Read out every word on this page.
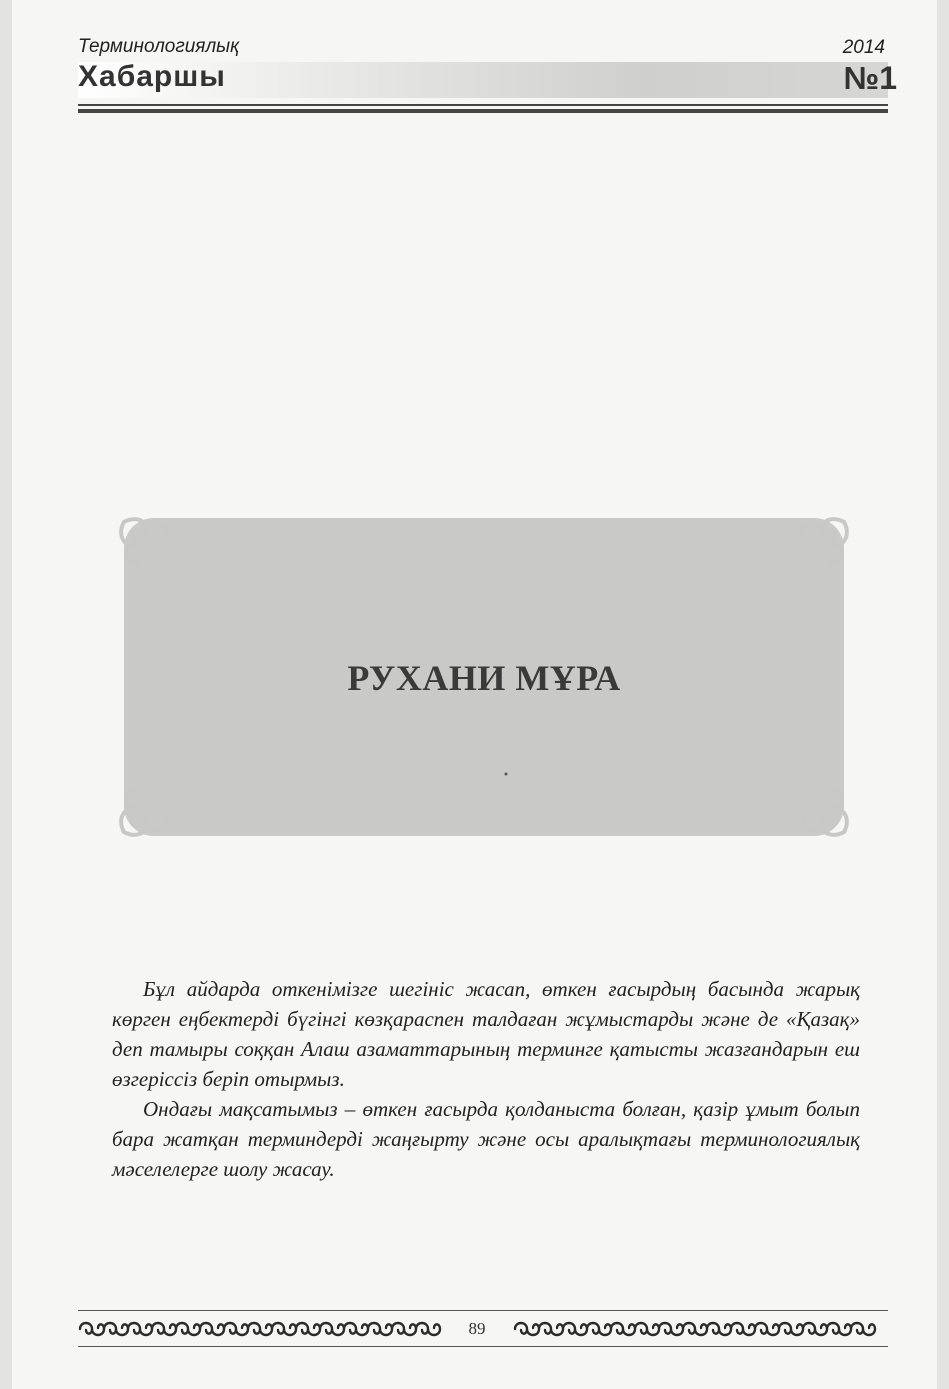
Терминологиялық	2014
Хабаршы	№1
РУХАНИ МҰРА

Бұл айдарда откенімізге шегініс жасап, өткен ғасырдың басында жарық көрген еңбектерді бүгінгі көзқараспен талдаған жұмыстарды және де «Қазақ» деп тамыры соққан Алаш азаматтарының терминге қатысты жазғандарын еш өзгеріссіз беріп отырмыз.

Ондағы мақсатымыз – өткен ғасырда қолданыста болған, қазір ұмыт болып бара жатқан терминдерді жаңғырту және осы аралықтағы терминологиялық мәселелерге шолу жасау.

89
